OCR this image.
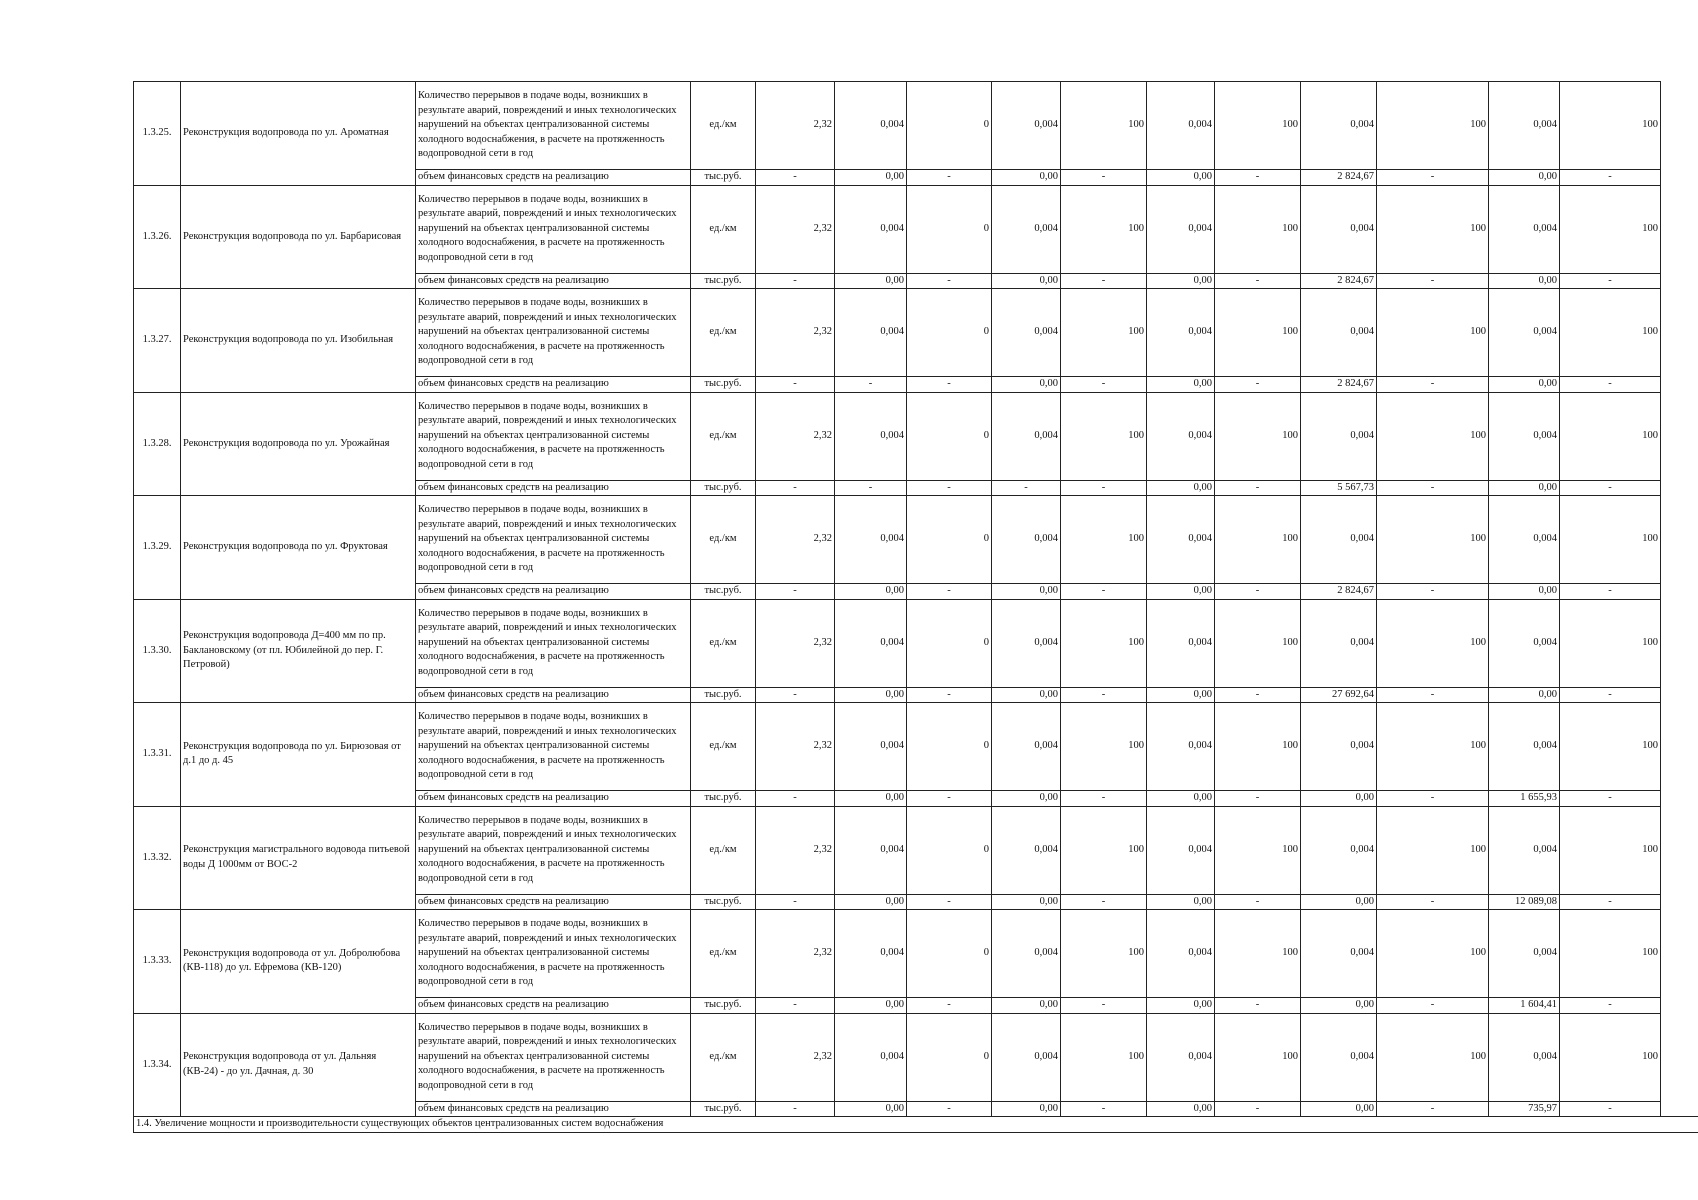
1.3.25.	Реконструкция водопровода по ул. Ароматная	Количество перерывов в подаче воды, возникших в результате аварий, повреждений и иных технологических нарушений на объектах централизованной системы холодного водоснабжения, в расчете на протяженность водопроводной сети в год	ед./км	2,32	0,004	0	0,004	100	0,004	100	0,004	100	0,004	100
		объем финансовых средств на реализацию	тыс.руб.	-	0,00	-	0,00	-	0,00	-	2 824,67	-	0,00	-
1.3.26.	Реконструкция водопровода по ул. Барбарисовая	Количество перерывов в подаче воды, возникших в результате аварий, повреждений и иных технологических нарушений на объектах централизованной системы холодного водоснабжения, в расчете на протяженность водопроводной сети в год	ед./км	2,32	0,004	0	0,004	100	0,004	100	0,004	100	0,004	100
		объем финансовых средств на реализацию	тыс.руб.	-	0,00	-	0,00	-	0,00	-	2 824,67	-	0,00	-
1.3.27.	Реконструкция водопровода по ул. Изобильная	Количество перерывов в подаче воды, возникших в результате аварий, повреждений и иных технологических нарушений на объектах централизованной системы холодного водоснабжения, в расчете на протяженность водопроводной сети в год	ед./км	2,32	0,004	0	0,004	100	0,004	100	0,004	100	0,004	100
		объем финансовых средств на реализацию	тыс.руб.	-	-	-	0,00	-	0,00	-	2 824,67	-	0,00	-
1.3.28.	Реконструкция водопровода по ул. Урожайная	Количество перерывов в подаче воды, возникших в результате аварий, повреждений и иных технологических нарушений на объектах централизованной системы холодного водоснабжения, в расчете на протяженность водопроводной сети в год	ед./км	2,32	0,004	0	0,004	100	0,004	100	0,004	100	0,004	100
		объем финансовых средств на реализацию	тыс.руб.	-	-	-	-	-	0,00	-	5 567,73	-	0,00	-
1.3.29.	Реконструкция водопровода по ул. Фруктовая	Количество перерывов в подаче воды, возникших в результате аварий, повреждений и иных технологических нарушений на объектах централизованной системы холодного водоснабжения, в расчете на протяженность водопроводной сети в год	ед./км	2,32	0,004	0	0,004	100	0,004	100	0,004	100	0,004	100
		объем финансовых средств на реализацию	тыс.руб.	-	0,00	-	0,00	-	0,00	-	2 824,67	-	0,00	-
1.3.30.	Реконструкция водопровода Д=400 мм по пр. Баклановскому (от пл. Юбилейной до пер. Г. Петровой)	Количество перерывов в подаче воды, возникших в результате аварий, повреждений и иных технологических нарушений на объектах централизованной системы холодного водоснабжения, в расчете на протяженность водопроводной сети в год	ед./км	2,32	0,004	0	0,004	100	0,004	100	0,004	100	0,004	100
		объем финансовых средств на реализацию	тыс.руб.	-	0,00	-	0,00	-	0,00	-	27 692,64	-	0,00	-
1.3.31.	Реконструкция водопровода по ул. Бирюзовая от д.1 до д. 45	Количество перерывов в подаче воды, возникших в результате аварий, повреждений и иных технологических нарушений на объектах централизованной системы холодного водоснабжения, в расчете на протяженность водопроводной сети в год	ед./км	2,32	0,004	0	0,004	100	0,004	100	0,004	100	0,004	100
		объем финансовых средств на реализацию	тыс.руб.	-	0,00	-	0,00	-	0,00	-	0,00	-	1 655,93	-
1.3.32.	Реконструкция магистрального водовода питьевой воды Д 1000мм от ВОС-2	Количество перерывов в подаче воды, возникших в результате аварий, повреждений и иных технологических нарушений на объектах централизованной системы холодного водоснабжения, в расчете на протяженность водопроводной сети в год	ед./км	2,32	0,004	0	0,004	100	0,004	100	0,004	100	0,004	100
		объем финансовых средств на реализацию	тыс.руб.	-	0,00	-	0,00	-	0,00	-	0,00	-	12 089,08	-
1.3.33.	Реконструкция водопровода от ул. Добролюбова (КВ-118) до ул. Ефремова (КВ-120)	Количество перерывов в подаче воды, возникших в результате аварий, повреждений и иных технологических нарушений на объектах централизованной системы холодного водоснабжения, в расчете на протяженность водопроводной сети в год	ед./км	2,32	0,004	0	0,004	100	0,004	100	0,004	100	0,004	100
		объем финансовых средств на реализацию	тыс.руб.	-	0,00	-	0,00	-	0,00	-	0,00	-	1 604,41	-
1.3.34.	Реконструкция водопровода от ул. Дальняя (КВ-24) - до ул. Дачная, д. 30	Количество перерывов в подаче воды, возникших в результате аварий, повреждений и иных технологических нарушений на объектах централизованной системы холодного водоснабжения, в расчете на протяженность водопроводной сети в год	ед./км	2,32	0,004	0	0,004	100	0,004	100	0,004	100	0,004	100
		объем финансовых средств на реализацию	тыс.руб.	-	0,00	-	0,00	-	0,00	-	0,00	-	735,97	-
1.4. Увеличение мощности и производительности существующих объектов централизованных систем водоснабжения														
